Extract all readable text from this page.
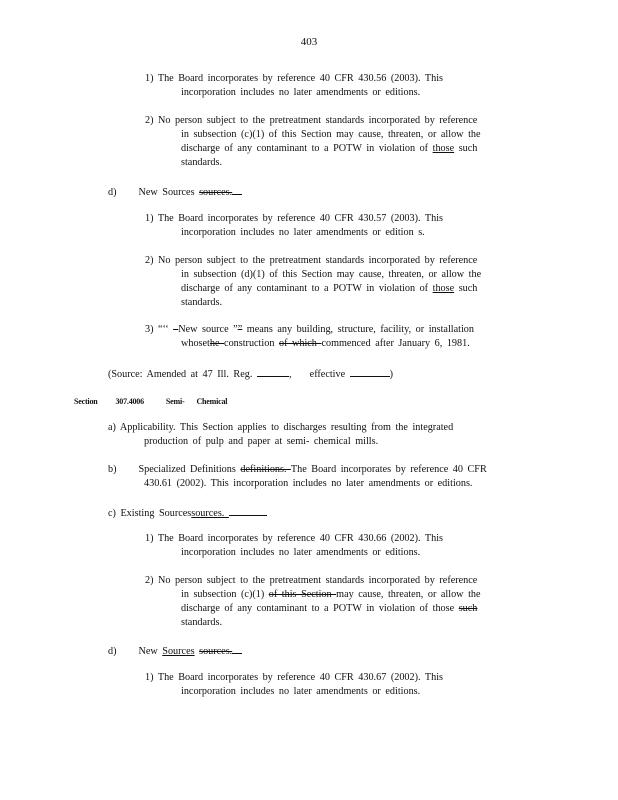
403
1) The Board incorporates by reference 40 CFR 430.56 (2003). This
incorporation includes no later amendments or editions.
2) No person subject to the pretreatment standards incorporated by reference
in subsection (c)(1) of this Section may cause, threaten, or allow the
discharge of any contaminant to a POTW in violation of those such
standards.
d) New Sources sources.
1) The Board incorporates by reference 40 CFR 430.57 (2003). This
incorporation includes no later amendments or edition s.
2) No person subject to the pretreatment standards incorporated by reference
in subsection (d)(1) of this Section may cause, threaten, or allow the
discharge of any contaminant to a POTW in violation of those such
standards.
3) “‘‘ –New source ”” means any building, structure, facility, or installation
whosethe construction of which commenced after January 6, 1981.
(Source: Amended at 47 Ill. Reg.	,    effective	)
Section 307.4006	Semi- Chemical
a) Applicability. This Section applies to discharges resulting from the integrated
production of pulp and paper at semi- chemical mills.
b) Specialized Definitions definitions. The Board incorporates by reference 40 CFR
430.61 (2002). This incorporation includes no later amendments or editions.
c) Existing Sourcessources.
1) The Board incorporates by reference 40 CFR 430.66 (2002). This
incorporation includes no later amendments or editions.
2) No person subject to the pretreatment standards incorporated by reference
in subsection (c)(1) of this Section may cause, threaten, or allow the
discharge of any contaminant to a POTW in violation of those such
standards.
d) New Sources sources.
1) The Board incorporates by reference 40 CFR 430.67 (2002). This
incorporation includes no later amendments or editions.
